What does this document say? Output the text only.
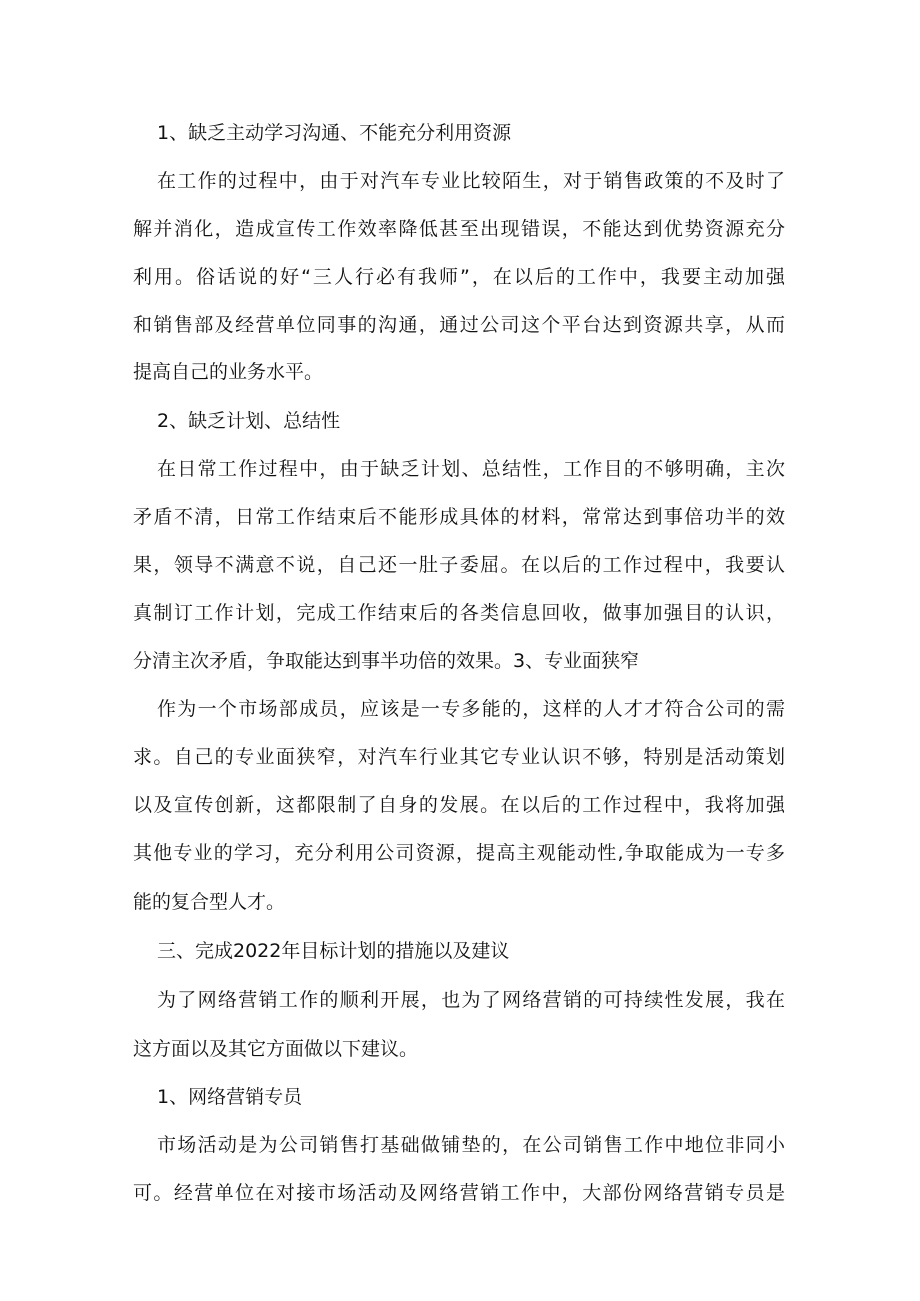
1、缺乏主动学习沟通、不能充分利用资源

在工作的过程中，由于对汽车专业比较陌生，对于销售政策的不及时了

解并消化，造成宣传工作效率降低甚至出现错误，不能达到优势资源充分

利用。俗话说的好“三人行必有我师”，在以后的工作中，我要主动加强

和销售部及经营单位同事的沟通，通过公司这个平台达到资源共享，从而

提高自己的业务水平。

2、缺乏计划、总结性

在日常工作过程中，由于缺乏计划、总结性，工作目的不够明确，主次

矛盾不清，日常工作结束后不能形成具体的材料，常常达到事倍功半的效

果，领导不满意不说，自己还一肚子委屈。在以后的工作过程中，我要认

真制订工作计划，完成工作结束后的各类信息回收，做事加强目的认识，

分清主次矛盾，争取能达到事半功倍的效果。3、专业面狭窄

作为一个市场部成员，应该是一专多能的，这样的人才才符合公司的需

求。自己的专业面狭窄，对汽车行业其它专业认识不够，特别是活动策划

以及宣传创新，这都限制了自身的发展。在以后的工作过程中，我将加强

其他专业的学习，充分利用公司资源，提高主观能动性,争取能成为一专多

能的复合型人才。

三、完成2022年目标计划的措施以及建议

为了网络营销工作的顺利开展，也为了网络营销的可持续性发展，我在

这方面以及其它方面做以下建议。

1、网络营销专员

市场活动是为公司销售打基础做铺垫的，在公司销售工作中地位非同小

可。经营单位在对接市场活动及网络营销工作中，大部份网络营销专员是
